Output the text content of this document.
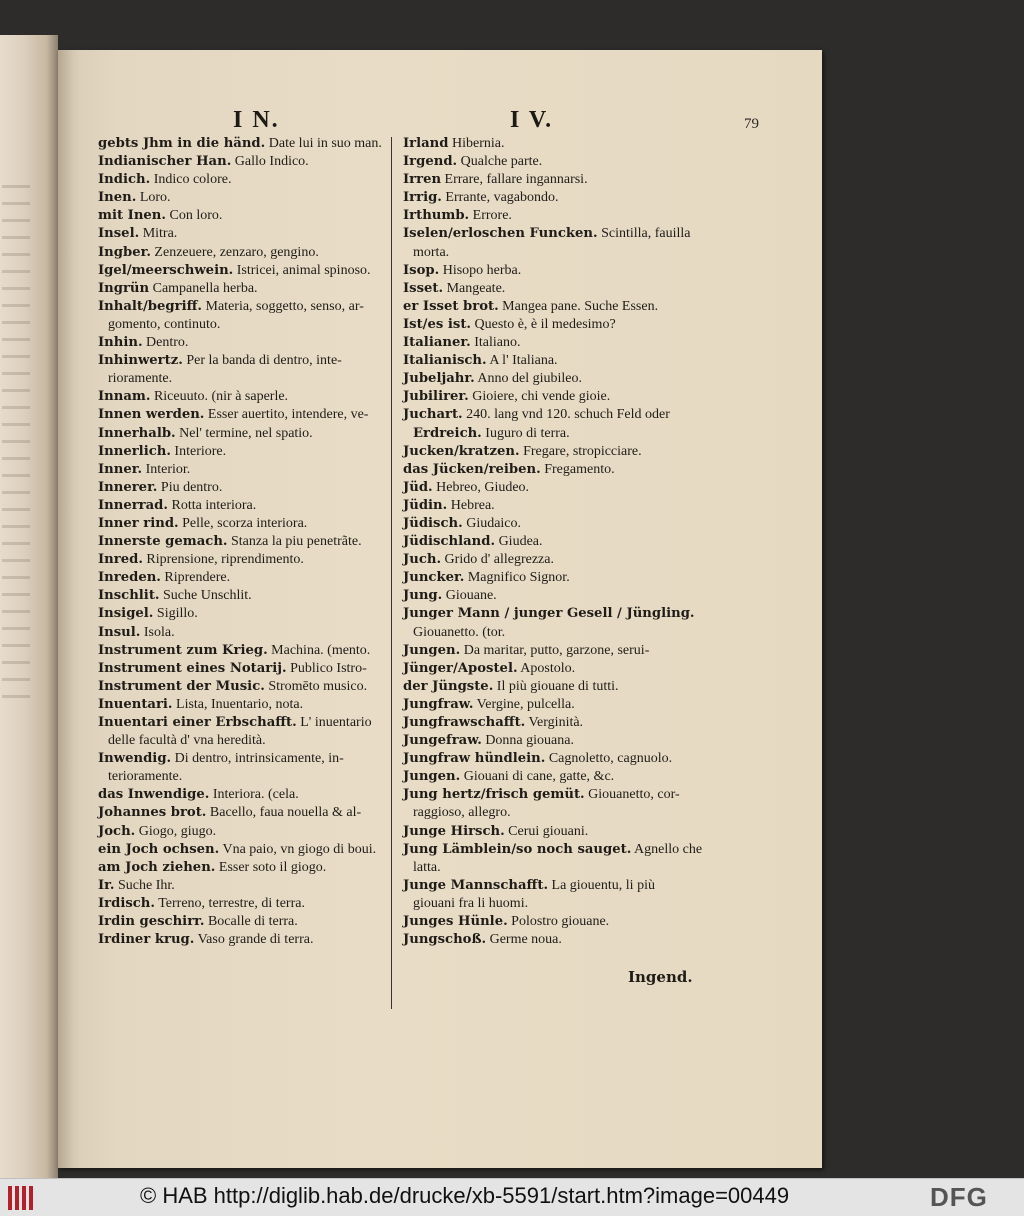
I N.	I V.	79
gebts Jhm in die händ. Date lui in suo man.
Indianischer Han. Gallo Indico.
Indich. Indico colore.
Inen. Loro.
mit Inen. Con loro.
Insel. Mitra.
Ingber. Zenzeuere, zenzaro, gengino.
Igel/meerschwein. Istricei, animal spinoso.
Ingrün Campanella herba.
Inhalt/begriff. Materia, soggetto, senso, ar-
gomento, continuto.
Inhin. Dentro.
Inhinwertz. Per la banda di dentro, inte-
rioramente.
Innam. Riceuuto. (nir à saperle.
Innen werden. Esser auertito, intendere, ve-
Innerhalb. Nel' termine, nel spatio.
Innerlich. Interiore.
Inner. Interior.
Innerer. Piu dentro.
Innerrad. Rotta interiora.
Inner rind. Pelle, scorza interiora.
Innerste gemach. Stanza la piu penetrãte.
Inred. Riprensione, riprendimento.
Inreden. Riprendere.
Inschlit. Suche Unschlit.
Insigel. Sigillo.
Insul. Isola.
Instrument zum Krieg. Machina. (mento.
Instrument eines Notarij. Publico Istro-
Instrument der Music. Stromēto musico.
Inuentari. Lista, Inuentario, nota.
Inuentari einer Erbschafft. L' inuentario
delle facultà d' vna heredità.
Inwendig. Di dentro, intrinsicamente, in-
terioramente.
das Inwendige. Interiora. (cela.
Johannes brot. Bacello, faua nouella & al-
Joch. Giogo, giugo.
ein Joch ochsen. Vna paio, vn giogo di boui.
am Joch ziehen. Esser soto il giogo.
Ir. Suche Ihr.
Irdisch. Terreno, terrestre, di terra.
Irdin geschirr. Bocalle di terra.
Irdiner krug. Vaso grande di terra.
Irland Hibernia.
Irgend. Qualche parte.
Irren Errare, fallare ingannarsi.
Irrig. Errante, vagabondo.
Irthumb. Errore.
Iselen/erloschen Funcken. Scintilla, fauilla
morta.
Isop. Hisopo herba.
Isset. Mangeate.
er Isset brot. Mangea pane. Suche Essen.
Ist/es ist. Questo è, è il medesimo?
Italianer. Italiano.
Italianisch. A l' Italiana.
Jubeljahr. Anno del giubileo.
Jubilirer. Gioiere, chi vende gioie.
Juchart. 240. lang vnd 120. schuch Feld oder
Erdreich. Iuguro di terra.
Jucken/kratzen. Fregare, stropicciare.
das Jücken/reiben. Fregamento.
Jüd. Hebreo, Giudeo.
Jüdin. Hebrea.
Jüdisch. Giudaico.
Jüdischland. Giudea.
Juch. Grido d' allegrezza.
Juncker. Magnifico Signor.
Jung. Giouane.
Junger Mann / junger Gesell / Jüngling.
Giouanetto. (tor.
Jungen. Da maritar, putto, garzone, serui-
Jünger/Apostel. Apostolo.
der Jüngste. Il più giouane di tutti.
Jungfraw. Vergine, pulcella.
Jungfrawschafft. Verginità.
Jungefraw. Donna giouana.
Jungfraw hündlein. Cagnoletto, cagnuolo.
Jungen. Giouani di cane, gatte, &c.
Jung hertz/frisch gemüt. Giouanetto, cor-
raggioso, allegro.
Junge Hirsch. Cerui giouani.
Jung Lämblein/so noch sauget. Agnello che
latta.
Junge Mannschafft. La giouentu, li più
giouani fra li huomi.
Junges Hünle. Polostro giouane.
Jungschoß. Germe noua.
Ingend.
© HAB http://diglib.hab.de/drucke/xb-5591/start.htm?image=00449	DFG
